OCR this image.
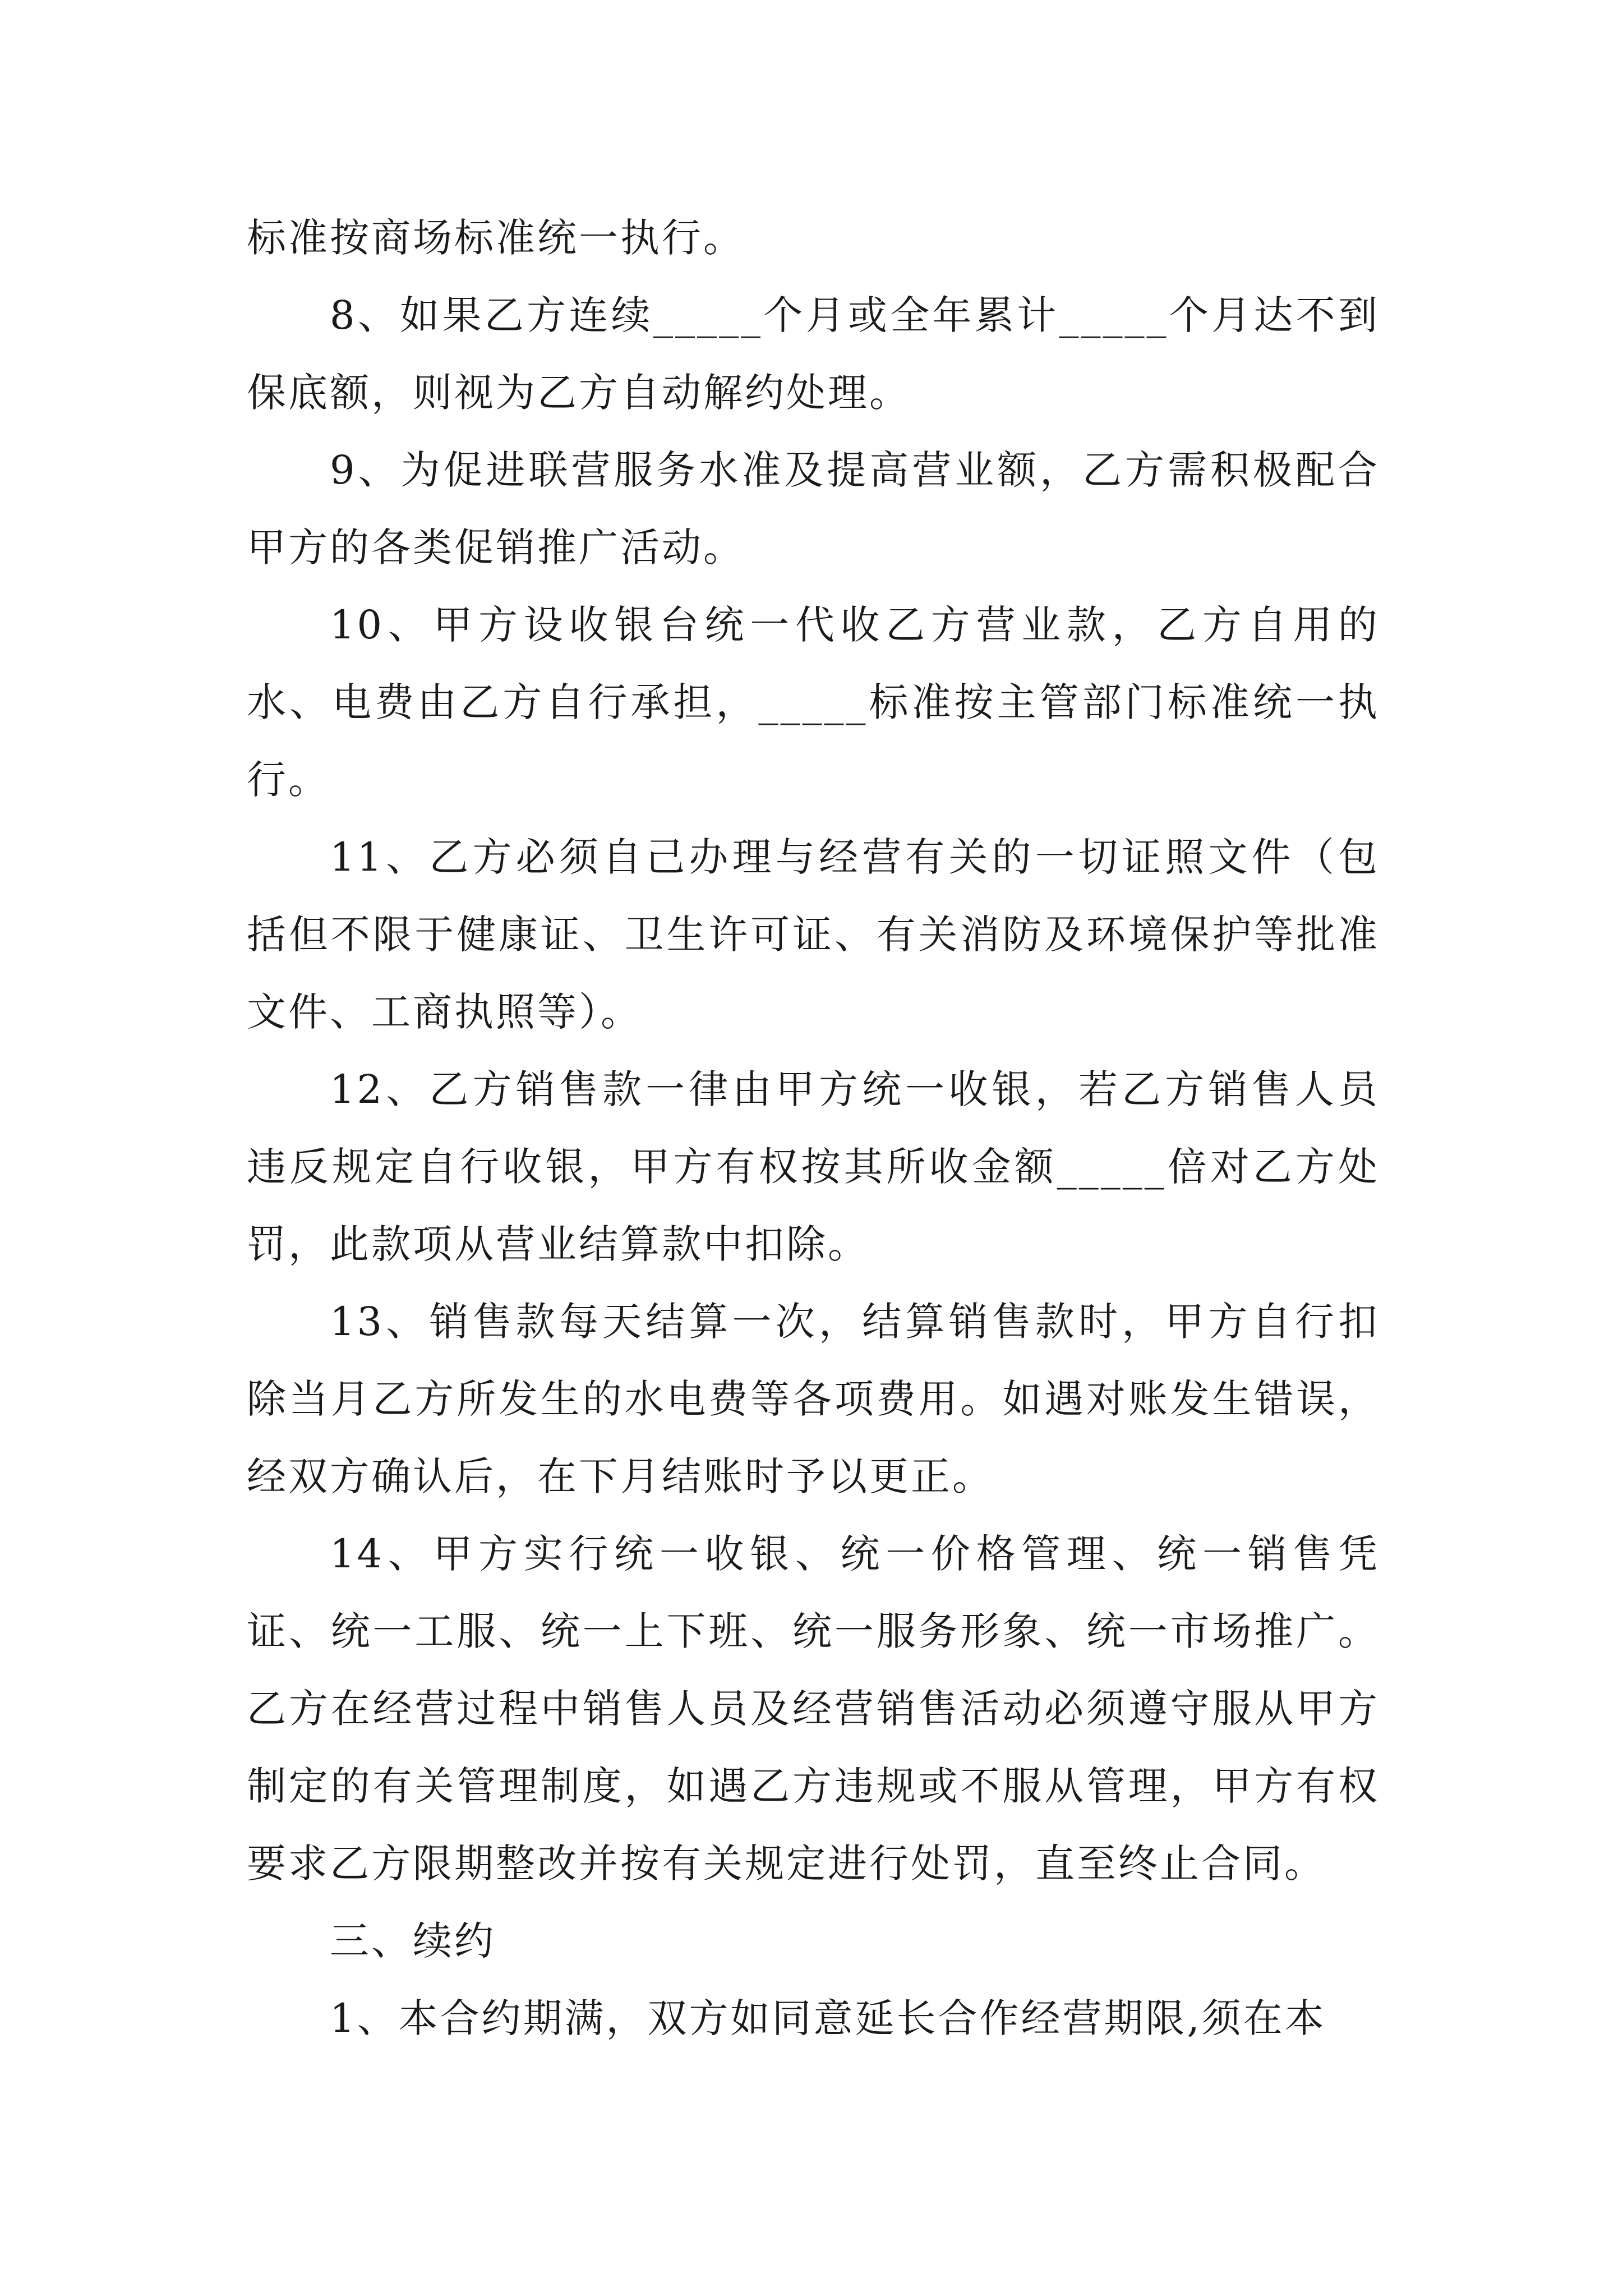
标准按商场标准统一执行。

8、如果乙方连续_____个月或全年累计_____个月达不到保底额，则视为乙方自动解约处理。

9、为促进联营服务水准及提高营业额，乙方需积极配合甲方的各类促销推广活动。

10、甲方设收银台统一代收乙方营业款，乙方自用的水、电费由乙方自行承担，_____标准按主管部门标准统一执行。

11、乙方必须自己办理与经营有关的一切证照文件（包括但不限于健康证、卫生许可证、有关消防及环境保护等批准文件、工商执照等）。

12、乙方销售款一律由甲方统一收银，若乙方销售人员违反规定自行收银，甲方有权按其所收金额_____倍对乙方处罚，此款项从营业结算款中扣除。

13、销售款每天结算一次，结算销售款时，甲方自行扣除当月乙方所发生的水电费等各项费用。如遇对账发生错误，经双方确认后，在下月结账时予以更正。

14、甲方实行统一收银、统一价格管理、统一销售凭证、统一工服、统一上下班、统一服务形象、统一市场推广。乙方在经营过程中销售人员及经营销售活动必须遵守服从甲方制定的有关管理制度，如遇乙方违规或不服从管理，甲方有权要求乙方限期整改并按有关规定进行处罚，直至终止合同。

三、续约

1、本合约期满，双方如同意延长合作经营期限,须在本
